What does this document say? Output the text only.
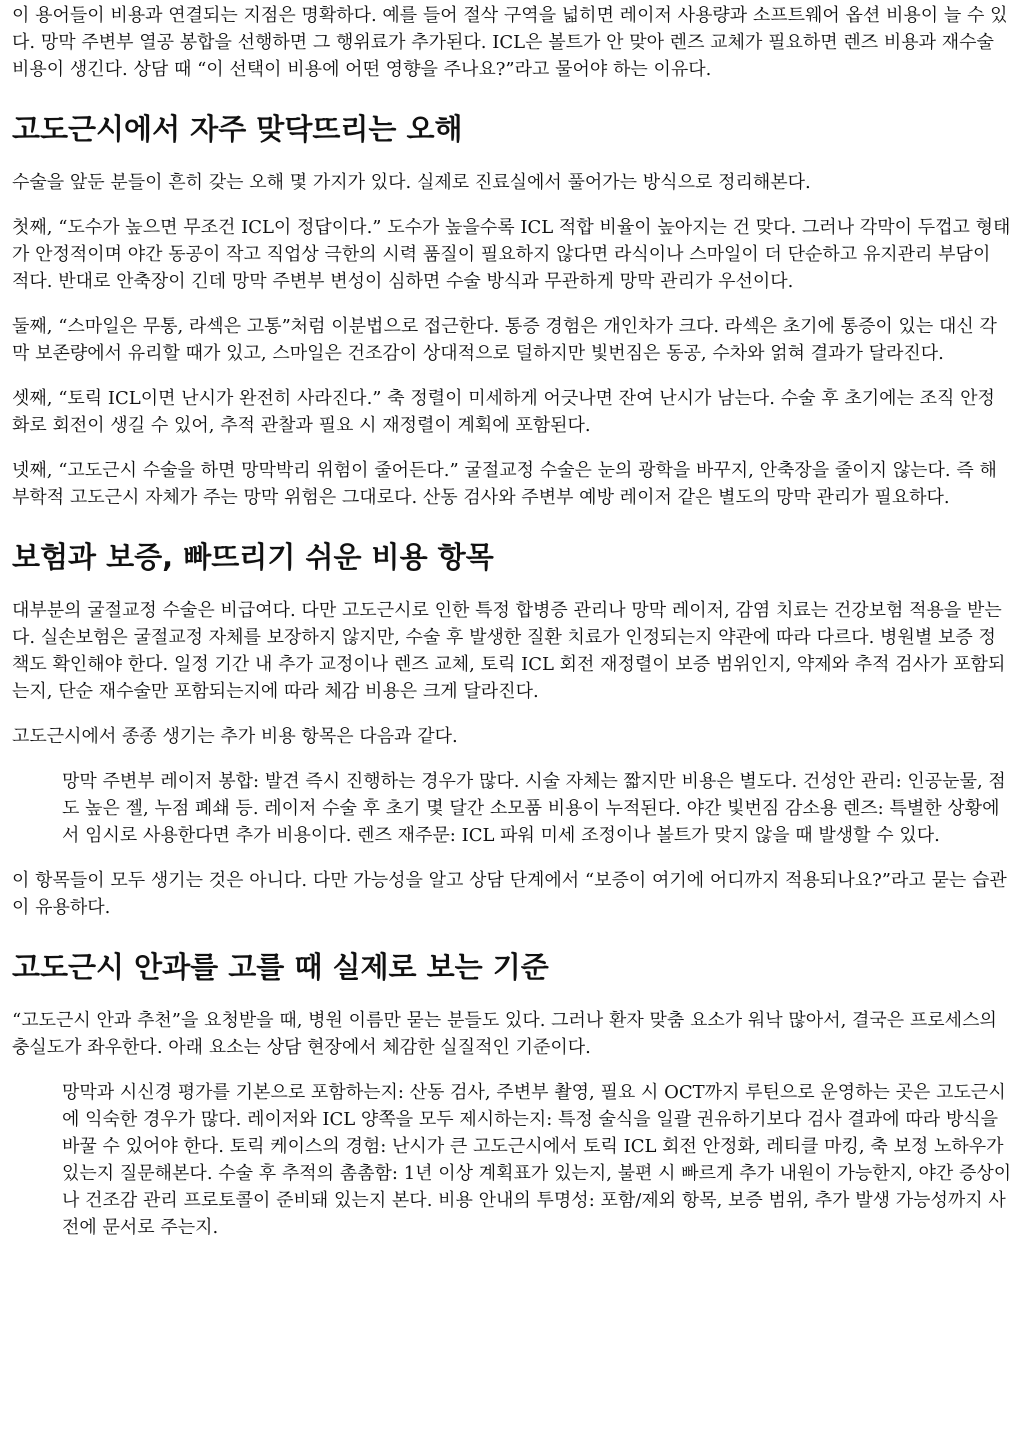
이 용어들이 비용과 연결되는 지점은 명확하다. 예를 들어 절삭 구역을 넓히면 레이저 사용량과 소프트웨어 옵션 비용이 늘 수 있다. 망막 주변부 열공 봉합을 선행하면 그 행위료가 추가된다. ICL은 볼트가 안 맞아 렌즈 교체가 필요하면 렌즈 비용과 재수술 비용이 생긴다. 상담 때 “이 선택이 비용에 어떤 영향을 주나요?”라고 물어야 하는 이유다.

고도근시에서 자주 맞닥뜨리는 오해

수술을 앞둔 분들이 흔히 갖는 오해 몇 가지가 있다. 실제로 진료실에서 풀어가는 방식으로 정리해본다.

첫째, “도수가 높으면 무조건 ICL이 정답이다.” 도수가 높을수록 ICL 적합 비율이 높아지는 건 맞다. 그러나 각막이 두껍고 형태가 안정적이며 야간 동공이 작고 직업상 극한의 시력 품질이 필요하지 않다면 라식이나 스마일이 더 단순하고 유지관리 부담이 적다. 반대로 안축장이 긴데 망막 주변부 변성이 심하면 수술 방식과 무관하게 망막 관리가 우선이다.

둘째, “스마일은 무통, 라섹은 고통”처럼 이분법으로 접근한다. 통증 경험은 개인차가 크다. 라섹은 초기에 통증이 있는 대신 각막 보존량에서 유리할 때가 있고, 스마일은 건조감이 상대적으로 덜하지만 빛번짐은 동공, 수차와 얽혀 결과가 달라진다.

셋째, “토릭 ICL이면 난시가 완전히 사라진다.” 축 정렬이 미세하게 어긋나면 잔여 난시가 남는다. 수술 후 초기에는 조직 안정화로 회전이 생길 수 있어, 추적 관찰과 필요 시 재정렬이 계획에 포함된다.

넷째, “고도근시 수술을 하면 망막박리 위험이 줄어든다.” 굴절교정 수술은 눈의 광학을 바꾸지, 안축장을 줄이지 않는다. 즉 해부학적 고도근시 자체가 주는 망막 위험은 그대로다. 산동 검사와 주변부 예방 레이저 같은 별도의 망막 관리가 필요하다.

보험과 보증, 빠뜨리기 쉬운 비용 항목

대부분의 굴절교정 수술은 비급여다. 다만 고도근시로 인한 특정 합병증 관리나 망막 레이저, 감염 치료는 건강보험 적용을 받는다. 실손보험은 굴절교정 자체를 보장하지 않지만, 수술 후 발생한 질환 치료가 인정되는지 약관에 따라 다르다. 병원별 보증 정책도 확인해야 한다. 일정 기간 내 추가 교정이나 렌즈 교체, 토릭 ICL 회전 재정렬이 보증 범위인지, 약제와 추적 검사가 포함되는지, 단순 재수술만 포함되는지에 따라 체감 비용은 크게 달라진다.

고도근시에서 종종 생기는 추가 비용 항목은 다음과 같다.

망막 주변부 레이저 봉합: 발견 즉시 진행하는 경우가 많다. 시술 자체는 짧지만 비용은 별도다. 건성안 관리: 인공눈물, 점도 높은 젤, 누점 폐쇄 등. 레이저 수술 후 초기 몇 달간 소모품 비용이 누적된다. 야간 빛번짐 감소용 렌즈: 특별한 상황에서 임시로 사용한다면 추가 비용이다. 렌즈 재주문: ICL 파워 미세 조정이나 볼트가 맞지 않을 때 발생할 수 있다.

이 항목들이 모두 생기는 것은 아니다. 다만 가능성을 알고 상담 단계에서 “보증이 여기에 어디까지 적용되나요?”라고 묻는 습관이 유용하다.

고도근시 안과를 고를 때 실제로 보는 기준

“고도근시 안과 추천”을 요청받을 때, 병원 이름만 묻는 분들도 있다. 그러나 환자 맞춤 요소가 워낙 많아서, 결국은 프로세스의 충실도가 좌우한다. 아래 요소는 상담 현장에서 체감한 실질적인 기준이다.

망막과 시신경 평가를 기본으로 포함하는지: 산동 검사, 주변부 촬영, 필요 시 OCT까지 루틴으로 운영하는 곳은 고도근시에 익숙한 경우가 많다. 레이저와 ICL 양쪽을 모두 제시하는지: 특정 술식을 일괄 권유하기보다 검사 결과에 따라 방식을 바꿀 수 있어야 한다. 토릭 케이스의 경험: 난시가 큰 고도근시에서 토릭 ICL 회전 안정화, 레티클 마킹, 축 보정 노하우가 있는지 질문해본다. 수술 후 추적의 촘촘함: 1년 이상 계획표가 있는지, 불편 시 빠르게 추가 내원이 가능한지, 야간 증상이나 건조감 관리 프로토콜이 준비돼 있는지 본다. 비용 안내의 투명성: 포함/제외 항목, 보증 범위, 추가 발생 가능성까지 사전에 문서로 주는지.
